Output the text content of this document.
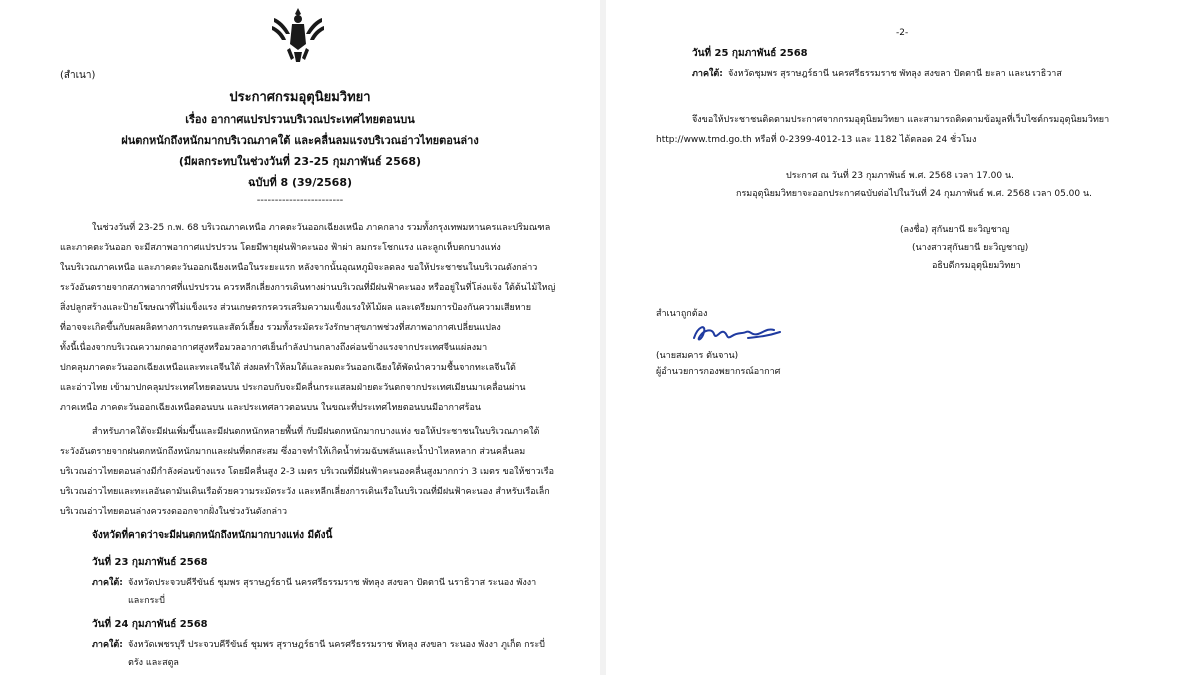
(สำเนา)

ประกาศกรมอุตุนิยมวิทยา

เรื่อง อากาศแปรปรวนบริเวณประเทศไทยตอนบน

ฝนตกหนักถึงหนักมากบริเวณภาคใต้ และคลื่นลมแรงบริเวณอ่าวไทยตอนล่าง

(มีผลกระทบในช่วงวันที่ 23-25 กุมภาพันธ์ 2568)

ฉบับที่ 8 (39/2568)

------------------------

ในช่วงวันที่ 23-25 ก.พ. 68 บริเวณภาคเหนือ ภาคตะวันออกเฉียงเหนือ ภาคกลาง รวมทั้งกรุงเทพมหานครและปริมณฑล

และภาคตะวันออก จะมีสภาพอากาศแปรปรวน โดยมีพายุฝนฟ้าคะนอง ฟ้าผ่า ลมกระโชกแรง และลูกเห็บตกบางแห่ง

ในบริเวณภาคเหนือ และภาคตะวันออกเฉียงเหนือในระยะแรก หลังจากนั้นอุณหภูมิจะลดลง ขอให้ประชาชนในบริเวณดังกล่าว

ระวังอันตรายจากสภาพอากาศที่แปรปรวน ควรหลีกเลี่ยงการเดินทางผ่านบริเวณที่มีฝนฟ้าคะนอง หรืออยู่ในที่โล่งแจ้ง ใต้ต้นไม้ใหญ่

สิ่งปลูกสร้างและป้ายโฆษณาที่ไม่แข็งแรง ส่วนเกษตรกรควรเสริมความแข็งแรงให้ไม้ผล และเตรียมการป้องกันความเสียหาย

ที่อาจจะเกิดขึ้นกับผลผลิตทางการเกษตรและสัตว์เลี้ยง รวมทั้งระมัดระวังรักษาสุขภาพช่วงที่สภาพอากาศเปลี่ยนแปลง

ทั้งนี้เนื่องจากบริเวณความกดอากาศสูงหรือมวลอากาศเย็นกำลังปานกลางถึงค่อนข้างแรงจากประเทศจีนแผ่ลงมา

ปกคลุมภาคตะวันออกเฉียงเหนือและทะเลจีนใต้ ส่งผลทำให้ลมใต้และลมตะวันออกเฉียงใต้พัดนำความชื้นจากทะเลจีนใต้

และอ่าวไทย เข้ามาปกคลุมประเทศไทยตอนบน ประกอบกับจะมีคลื่นกระแสลมฝ่ายตะวันตกจากประเทศเมียนมาเคลื่อนผ่าน

ภาคเหนือ ภาคตะวันออกเฉียงเหนือตอนบน และประเทศลาวตอนบน ในขณะที่ประเทศไทยตอนบนมีอากาศร้อน

สำหรับภาคใต้จะมีฝนเพิ่มขึ้นและมีฝนตกหนักหลายพื้นที่ กับมีฝนตกหนักมากบางแห่ง ขอให้ประชาชนในบริเวณภาคใต้

ระวังอันตรายจากฝนตกหนักถึงหนักมากและฝนที่ตกสะสม ซึ่งอาจทำให้เกิดน้ำท่วมฉับพลันและน้ำป่าไหลหลาก ส่วนคลื่นลม

บริเวณอ่าวไทยตอนล่างมีกำลังค่อนข้างแรง โดยมีคลื่นสูง 2-3 เมตร บริเวณที่มีฝนฟ้าคะนองคลื่นสูงมากกว่า 3 เมตร ขอให้ชาวเรือ

บริเวณอ่าวไทยและทะเลอันดามันเดินเรือด้วยความระมัดระวัง และหลีกเลี่ยงการเดินเรือในบริเวณที่มีฝนฟ้าคะนอง สำหรับเรือเล็ก

บริเวณอ่าวไทยตอนล่างควรงดออกจากฝั่งในช่วงวันดังกล่าว

จังหวัดที่คาดว่าจะมีฝนตกหนักถึงหนักมากบางแห่ง มีดังนี้

วันที่ 23 กุมภาพันธ์ 2568

ภาคใต้: จังหวัดประจวบคีรีขันธ์ ชุมพร สุราษฎร์ธานี นครศรีธรรมราช พัทลุง สงขลา ปัตตานี นราธิวาส ระนอง พังงา

และกระบี่

วันที่ 24 กุมภาพันธ์ 2568

ภาคใต้: จังหวัดเพชรบุรี ประจวบคีรีขันธ์ ชุมพร สุราษฎร์ธานี นครศรีธรรมราช พัทลุง สงขลา ระนอง พังงา ภูเก็ต กระบี่

ตรัง และสตูล

-2-

วันที่ 25 กุมภาพันธ์ 2568

ภาคใต้: จังหวัดชุมพร สุราษฎร์ธานี นครศรีธรรมราช พัทลุง สงขลา ปัตตานี ยะลา และนราธิวาส

จึงขอให้ประชาชนติดตามประกาศจากกรมอุตุนิยมวิทยา และสามารถติดตามข้อมูลที่เว็บไซต์กรมอุตุนิยมวิทยา

http://www.tmd.go.th หรือที่ 0-2399-4012-13 และ 1182 ได้ตลอด 24 ชั่วโมง

ประกาศ ณ วันที่ 23 กุมภาพันธ์ พ.ศ. 2568 เวลา 17.00 น.

กรมอุตุนิยมวิทยาจะออกประกาศฉบับต่อไปในวันที่ 24 กุมภาพันธ์ พ.ศ. 2568 เวลา 05.00 น.

(ลงชื่อ) สุกันยานี ยะวิญชาญ

(นางสาวสุกันยานี ยะวิญชาญ)

อธิบดีกรมอุตุนิยมวิทยา

สำเนาถูกต้อง

(นายสมคาร ตันจาน)

ผู้อำนวยการกองพยากรณ์อากาศ
